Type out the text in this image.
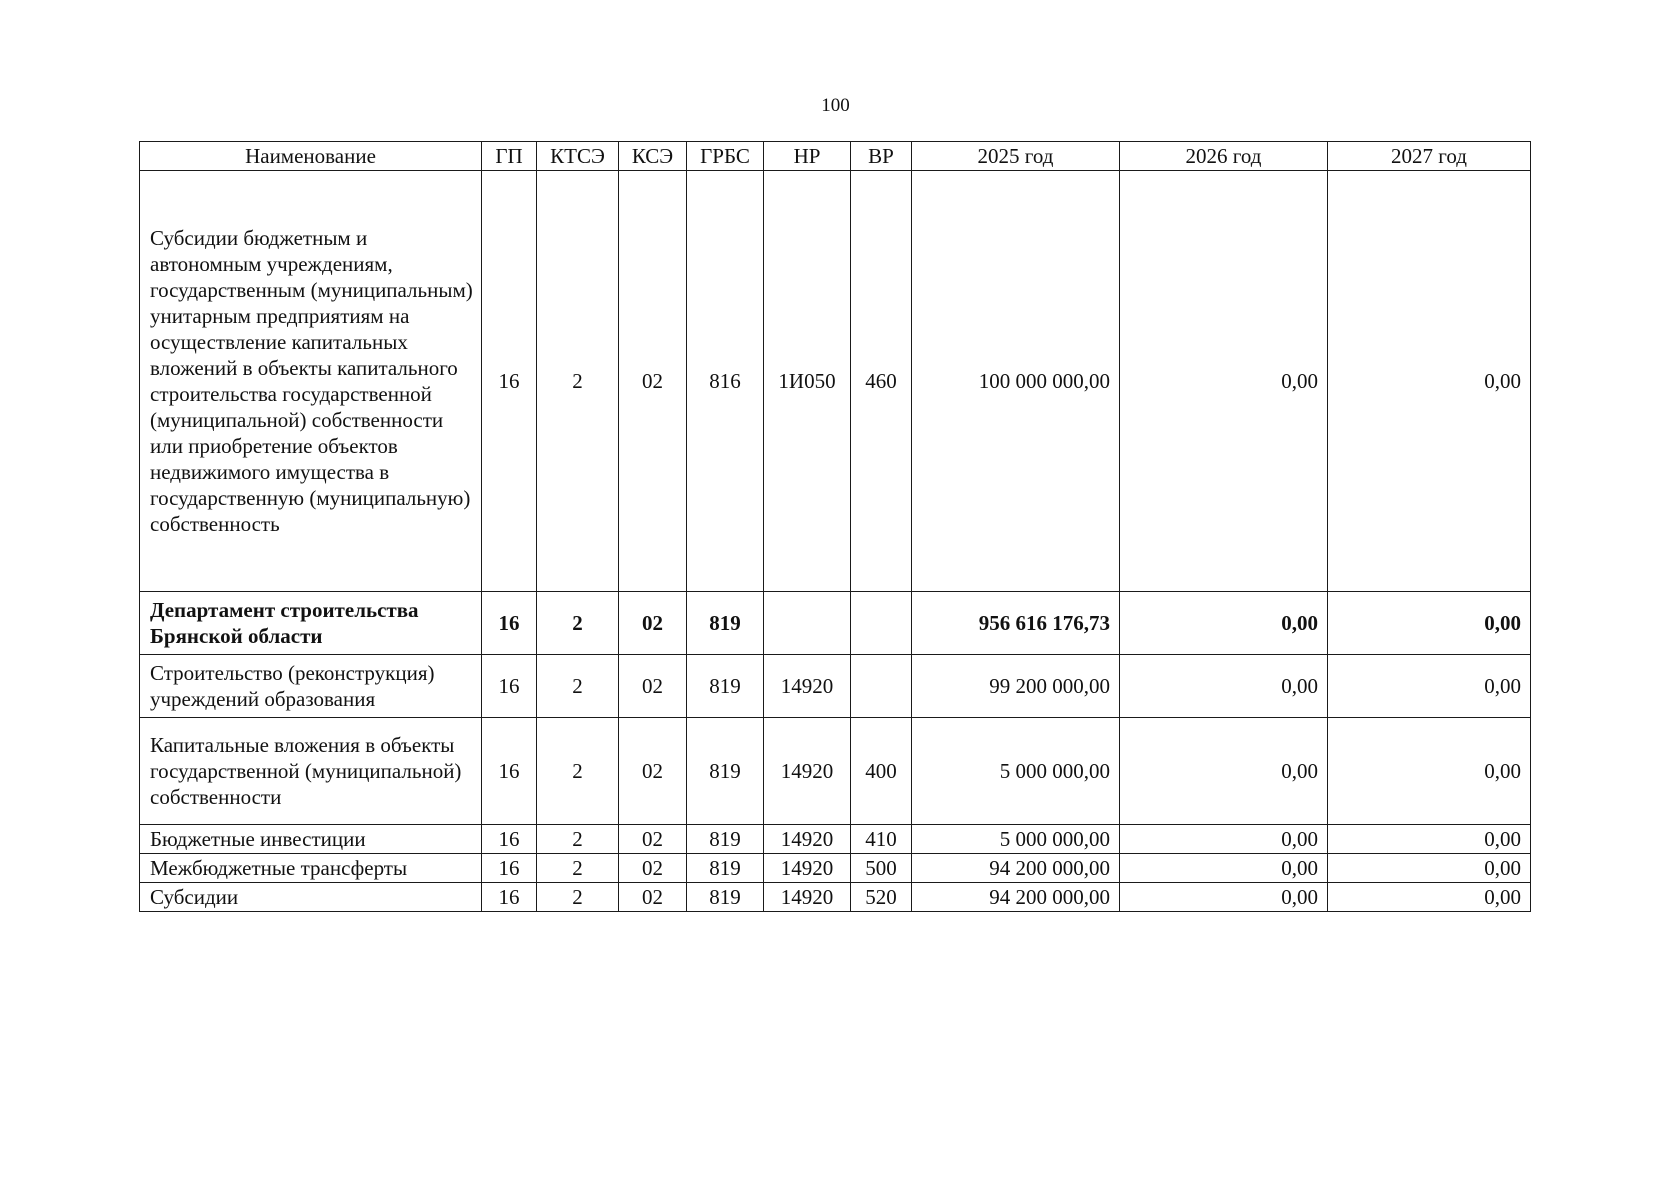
100
Наименование	ГП	КТСЭ	КСЭ	ГРБС	НР	ВР	2025 год	2026 год	2027 год
Субсидии бюджетным и автономным учреждениям, государственным (муниципальным) унитарным предприятиям на осуществление капитальных вложений в объекты капитального строительства государственной (муниципальной) собственности или приобретение объектов недвижимого имущества в государственную (муниципальную) собственность	16	2	02	816	1И050	460	100 000 000,00	0,00	0,00
Департамент строительства Брянской области	16	2	02	819			956 616 176,73	0,00	0,00
Строительство (реконструкция) учреждений образования	16	2	02	819	14920		99 200 000,00	0,00	0,00
Капитальные вложения в объекты государственной (муниципальной) собственности	16	2	02	819	14920	400	5 000 000,00	0,00	0,00
Бюджетные инвестиции	16	2	02	819	14920	410	5 000 000,00	0,00	0,00
Межбюджетные трансферты	16	2	02	819	14920	500	94 200 000,00	0,00	0,00
Субсидии	16	2	02	819	14920	520	94 200 000,00	0,00	0,00
